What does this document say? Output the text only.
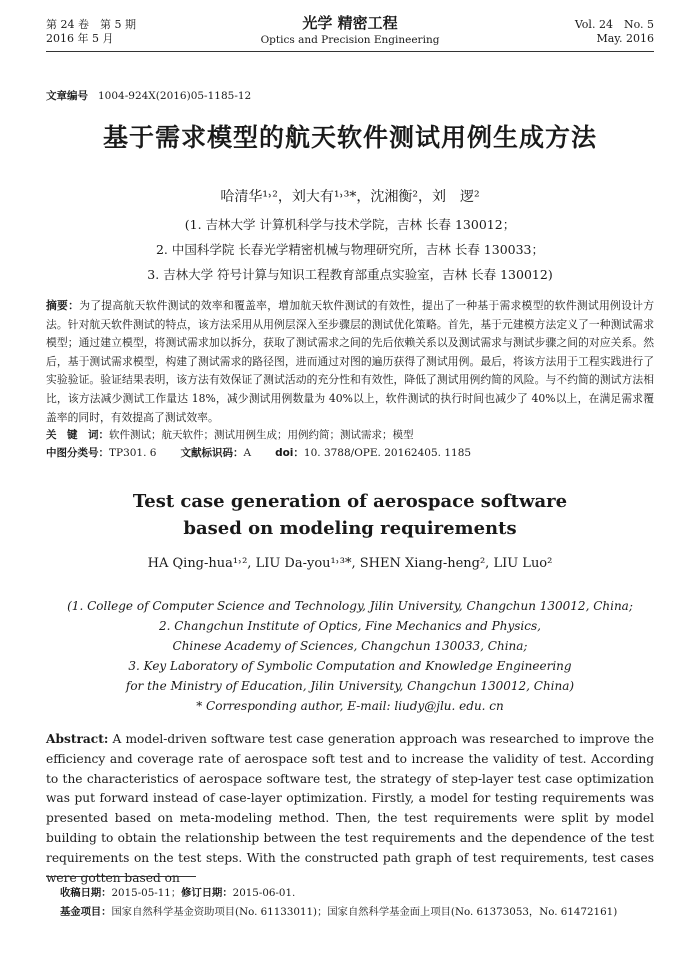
第 24 卷　第 5 期
2016 年 5 月
光学 精密工程
Optics and Precision Engineering
Vol. 24　No. 5
May. 2016
文章编号 1004-924X(2016)05-1185-12
基于需求模型的航天软件测试用例生成方法
哈清华¹˒²，刘大有¹˒³*，沈湘衡²，刘　逻²
(1. 吉林大学 计算机科学与技术学院，吉林 长春 130012；
2. 中国科学院 长春光学精密机械与物理研究所，吉林 长春 130033；
3. 吉林大学 符号计算与知识工程教育部重点实验室，吉林 长春 130012)
摘要：为了提高航天软件测试的效率和覆盖率，增加航天软件测试的有效性，提出了一种基于需求模型的软件测试用例设计方法。针对航天软件测试的特点，该方法采用从用例层深入至步骤层的测试优化策略。首先，基于元建模方法定义了一种测试需求模型；通过建立模型，将测试需求加以拆分，获取了测试需求之间的先后依赖关系以及测试需求与测试步骤之间的对应关系。然后，基于测试需求模型，构建了测试需求的路径图，进而通过对图的遍历获得了测试用例。最后，将该方法用于工程实践进行了实验验证。验证结果表明，该方法有效保证了测试活动的充分性和有效性，降低了测试用例约简的风险。与不约简的测试方法相比，该方法减少测试工作量达 18%，减少测试用例数量为 40%以上，软件测试的执行时间也减少了 40%以上，在满足需求覆盖率的同时，有效提高了测试效率。
关　键　词：软件测试；航天软件；测试用例生成；用例约简；测试需求；模型
中图分类号：TP301. 6 文献标识码：A doi：10. 3788/OPE. 20162405. 1185
Test case generation of aerospace software
based on modeling requirements
HA Qing-hua¹˒², LIU Da-you¹˒³*, SHEN Xiang-heng², LIU Luo²
(1. College of Computer Science and Technology, Jilin University, Changchun 130012, China;
2. Changchun Institute of Optics, Fine Mechanics and Physics,
Chinese Academy of Sciences, Changchun 130033, China;
3. Key Laboratory of Symbolic Computation and Knowledge Engineering
for the Ministry of Education, Jilin University, Changchun 130012, China)
* Corresponding author, E-mail: liudy@jlu. edu. cn
Abstract: A model-driven software test case generation approach was researched to improve the efficiency and coverage rate of aerospace soft test and to increase the validity of test. According to the characteristics of aerospace software test, the strategy of step-layer test case optimization was put forward instead of case-layer optimization. Firstly, a model for testing requirements was presented based on meta-modeling method. Then, the test requirements were split by model building to obtain the relationship between the test requirements and the dependence of the test requirements on the test steps. With the constructed path graph of test requirements, test cases were gotten based on
收稿日期：2015-05-11；修订日期：2015-06-01.
基金项目：国家自然科学基金资助项目(No. 61133011)；国家自然科学基金面上项目(No. 61373053，No. 61472161)
